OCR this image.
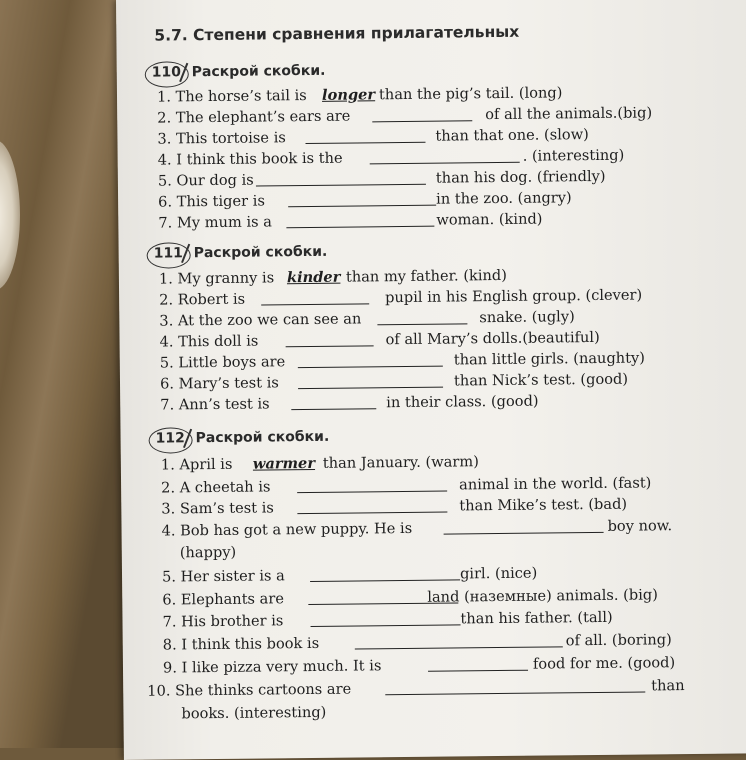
5.7. Степени сравнения прилагательных
110 Раскрой скобки.
1. The horse’s tail is longer than the pig’s tail. (long)
2. The elephant’s ears are	of all the animals.(big)
3. This tortoise is	than that one. (slow)
4. I think this book is the	. (interesting)
5. Our dog is	than his dog. (friendly)
6. This tiger is	in the zoo. (angry)
7. My mum is a	woman. (kind)
111 Раскрой скобки.
1. My granny is kinder than my father. (kind)
2. Robert is	pupil in his English group. (clever)
3. At the zoo we can see an	snake. (ugly)
4. This doll is	of all Mary’s dolls.(beautiful)
5. Little boys are	than little girls. (naughty)
6. Mary’s test is	than Nick’s test. (good)
7. Ann’s test is	in their class. (good)
112 Раскрой скобки.
1. April is warmer than January. (warm)
2. A cheetah is	animal in the world. (fast)
3. Sam’s test is	than Mike’s test. (bad)
4. Bob has got a new puppy. He is	boy now.
(happy)
5. Her sister is a	girl. (nice)
6. Elephants are	land (наземные) animals. (big)
7. His brother is	than his father. (tall)
8. I think this book is	of all. (boring)
9. I like pizza very much. It is	food for me. (good)
10. She thinks cartoons are	than
books. (interesting)
